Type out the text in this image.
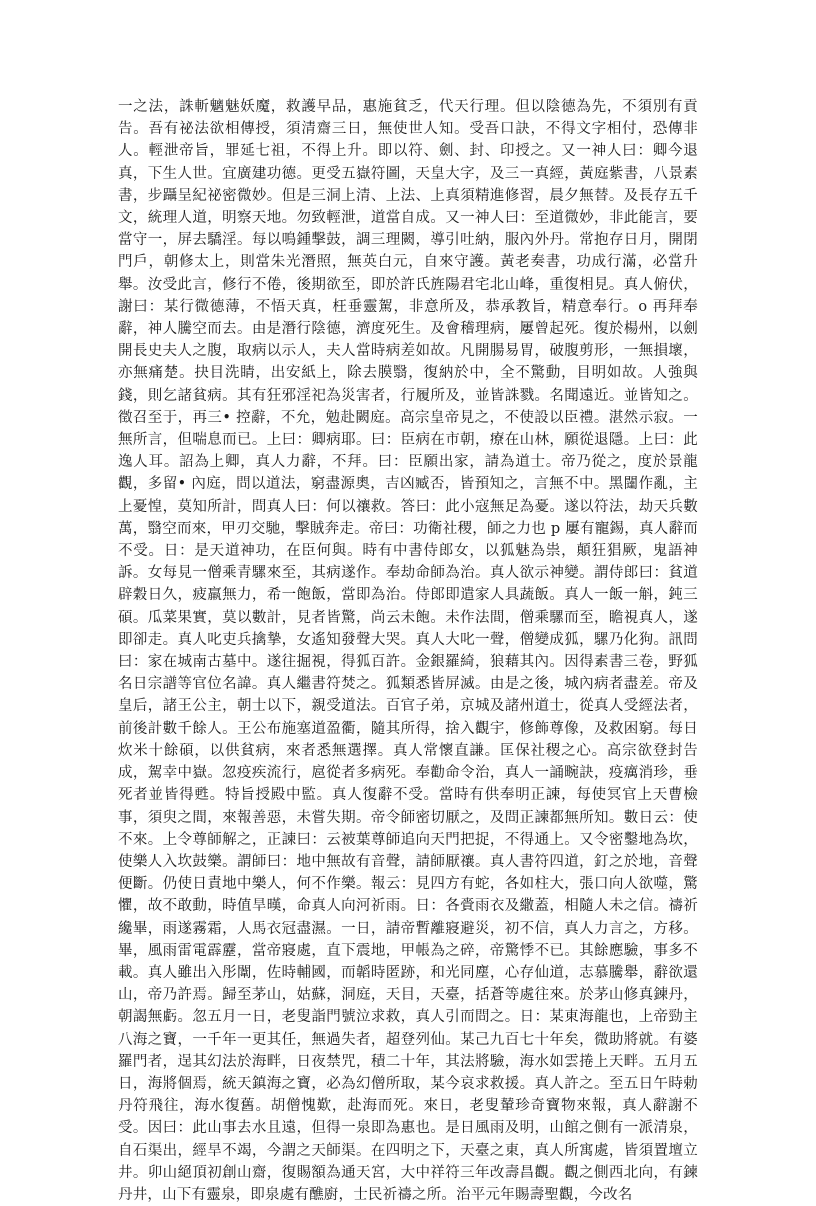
一之法，誅斬魑魅妖魔，救護早品，惠施貧乏，代天行理。但以陰德為先，不須別有貢告。吾有祕法欲相傳授，須清齋三日，無使世人知。受吾口訣，不得文字相付，恐傳非人。輕泄帝旨，罪延七祖，不得上升。即以符、劍、封、印授之。又一神人曰：卿今退真，下生人世。宜廣建功德。更受五嶽符圖，天皇大字，及三一真經，黃庭紫書，八景素書，步躡呈紀祕密微妙。但是三洞上清、上法、上真須精進修習，晨夕無替。及長存五千文，統理人道，明察天地。勿致輕泄，道當自成。又一神人曰：至道微妙，非此能言，要當守一，屏去驕淫。每以鳴鍾擊鼓，調三理闕，導引吐納，服內外丹。常抱存日月，開閉門戶，朝修太上，則當朱光潛照，無英白元，自來守護。黃老奏書，功成行滿，必當升舉。汝受此言，修行不倦，後期欲至，即於許氏旌陽君宅北山峰，重復相見。真人俯伏，謝曰：某行微德薄，不悟天真，枉垂靈駕，非意所及，恭承教旨，精意奉行。o 再拜奉辭，神人騰空而去。由是潛行陰德，濟度死生。及會稽理病，屢曾起死。復於楊州，以劍開長史夫人之腹，取病以示人，夫人當時病差如故。凡開腸易胃，破腹剪形，一無損壞，亦無痛楚。抉目洗睛，出安紙上，除去膜翳，復納於中，全不驚動，目明如故。人強與錢，則乞諸貧病。其有狂邪淫祀為災害者，行履所及，並皆誅戮。名聞遠近。並皆知之。徵召至于，再三• 控辭，不允，勉赴闕庭。高宗皇帝見之，不使設以臣禮。湛然示寂。一無所言，但喘息而已。上曰：卿病耶。曰：臣病在市朝，療在山林，願從退隱。上曰：此逸人耳。詔為上卿，真人力辭，不拜。曰：臣願出家，請為道士。帝乃從之，度於景龍觀，多留• 內庭，問以道法，窮盡源奧，吉凶臧否，皆預知之，言無不中。黑闥作亂，主上憂惶，莫知所計，問真人曰：何以禳救。答曰：此小寇無足為憂。遂以符法，劫天兵數萬，翳空而來，甲刃交馳，擊賊奔走。帝曰：功衛社稷，師之力也 p 屢有寵錫，真人辭而不受。日：是天道神功，在臣何與。時有中書侍郎女，以狐魅為祟，顛狂猖厥，鬼語神訴。女每見一僧乘青騾來至，其病遂作。奉劫命師為治。真人欲示神變。謂侍郎曰：貧道辟穀日久，疲羸無力，希一飽飯，當即為治。侍郎即遣家人具蔬飯。真人一飯一斛，鈍三碩。瓜菜果實，莫以數計，見者皆驚，尚云未飽。未作法間，僧乘騾而至，瞻視真人，遂即卻走。真人叱吏兵擒摯，女遙知發聲大哭。真人大叱一聲，僧變成狐，騾乃化狗。訊問曰：家在城南古墓中。遂往掘視，得狐百許。金銀羅綺，狼藉其內。因得素書三卷，野狐名日宗譜等官位名諱。真人繼書符焚之。狐類悉皆屏滅。由是之後，城內病者盡差。帝及皇后，諸王公主，朝士以下，親受道法。百官子弟，京城及諸州道士，從真人受經法者，前後計數千餘人。王公布施塞道盈衢，隨其所得，捨入觀宇，修飾尊像，及救困窮。每日炊米十餘碩，以供貧病，來者悉無選擇。真人常懷直謙。匡保社稷之心。高宗欲登封告成，駕幸中嶽。忽疫疾流行，扈從者多病死。奉勸命令治，真人一誦畹訣，疫癘消珍，垂死者並皆得甦。特旨授殿中監。真人復辭不受。當時有供奉明正諫，每使冥官上天曹檢事，須臾之間，來報善惡，未嘗失期。帝令師密切厭之，及問正諫都無所知。數日云：使不來。上令尊師解之，正諫曰：云被葉尊師追向天門把捉，不得通上。又令密鑿地為坎，使樂人入坎鼓樂。謂師曰：地中無故有音聲，請師厭禳。真人書符四道，釘之於地，音聲便斷。仍使日責地中樂人，何不作樂。報云：見四方有蛇，各如柱大，張口向人欲噬，驚懼，故不敢動，時值旱暵，命真人向河祈雨。日：各賫雨衣及繖蓋，相隨人未之信。禱祈纔畢，雨遂霧霜，人馬衣冠盡濕。一日，請帝暫離寢避災，初不信，真人力言之，方移。畢，風雨雷電霹靂，當帝寢處，直下震地，甲帳為之碎，帝驚悸不已。其餘應驗，事多不載。真人雖出入彤闈，佐時輔國，而韜時匿跡，和光同塵，心存仙道，志慕騰舉，辭欲還山，帝乃許焉。歸至茅山，姑蘇，洞庭，天目，天臺，括蒼等處往來。於茅山修真鍊丹，朝謁無虧。忽五月一日，老叟詣門號泣求救，真人引而問之。日：某東海龍也，上帝勁主八海之寶，一千年一更其任，無過失者，超登列仙。某己九百七十年矣，微助將就。有婆羅門者，逞其幻法於海畔，日夜禁咒，積二十年，其法將驗，海水如雲捲上天畔。五月五日，海將個焉，統天鎮海之寶，必為幻僧所取，某今哀求救援。真人許之。至五日午時勅丹符飛往，海水復舊。胡僧愧歎，赴海而死。來日，老叟輦珍奇寶物來報，真人辭謝不受。因曰：此山事去水且遠，但得一泉即為惠也。是日風雨及明，山館之側有一派清泉，自石渠出，經旱不竭，今謂之天師渠。在四明之下，天臺之東，真人所寓處，皆須置壇立井。卯山絕頂初創山齋，復賜額為通天宮，大中祥符三年改壽昌觀。觀之側西北向，有鍊丹井，山下有靈泉，即泉處有醮廚，士民祈禱之所。治平元年賜壽聖觀，今改名
